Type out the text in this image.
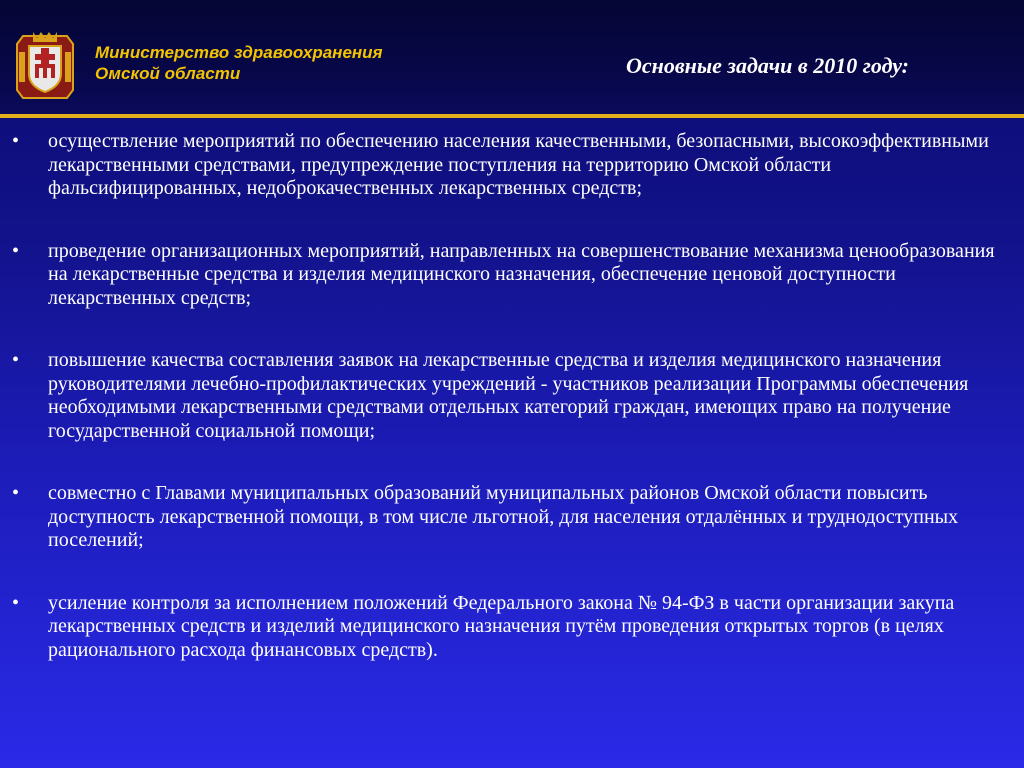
Министерство здравоохранения
Омской области	Основные задачи в 2010 году:
• осуществление мероприятий по обеспечению населения качественными, безопасными, высокоэффективными лекарственными средствами, предупреждение поступления на территорию Омской области фальсифицированных, недоброкачественных лекарственных средств;
• проведение организационных мероприятий, направленных на совершенствование механизма ценообразования на лекарственные средства и изделия медицинского назначения, обеспечение ценовой доступности лекарственных средств;
• повышение качества составления заявок на лекарственные средства и изделия медицинского назначения руководителями лечебно-профилактических учреждений - участников реализации Программы обеспечения необходимыми лекарственными средствами отдельных категорий граждан, имеющих право на получение государственной социальной помощи;
• совместно с Главами муниципальных образований муниципальных районов Омской области повысить доступность лекарственной помощи, в том числе льготной, для населения отдалённых и труднодоступных поселений;
• усиление контроля за исполнением положений Федерального закона № 94-ФЗ в части организации закупа лекарственных средств и изделий медицинского назначения путём проведения открытых торгов (в целях рационального расхода финансовых средств).
